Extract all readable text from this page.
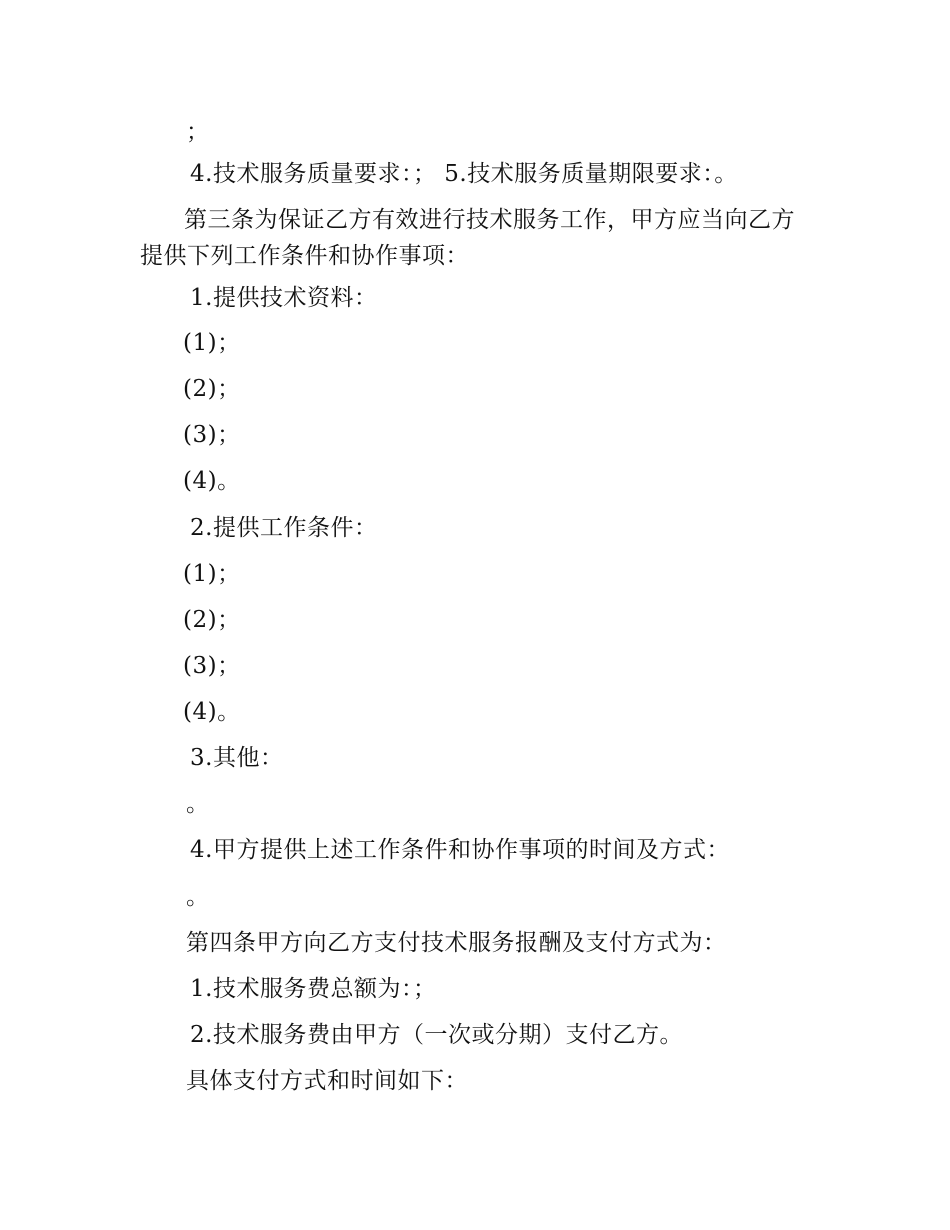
；
4.技术服务质量要求：； 5.技术服务质量期限要求：。
第三条为保证乙方有效进行技术服务工作，甲方应当向乙方提供下列工作条件和协作事项：
1.提供技术资料：
(1)；
(2)；
(3)；
(4)。
2.提供工作条件：
(1)；
(2)；
(3)；
(4)。
3.其他：
。
4.甲方提供上述工作条件和协作事项的时间及方式：
。
第四条甲方向乙方支付技术服务报酬及支付方式为：
1.技术服务费总额为：；
2.技术服务费由甲方（一次或分期）支付乙方。
具体支付方式和时间如下：
